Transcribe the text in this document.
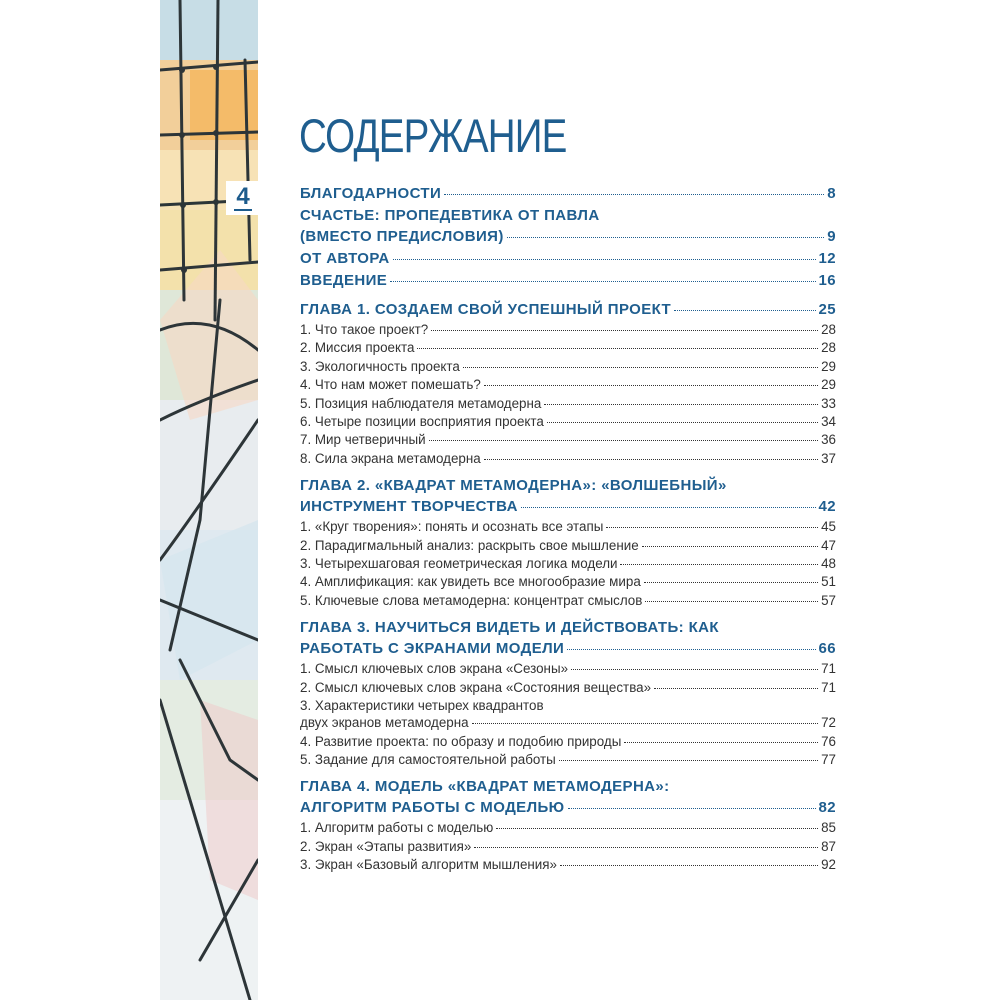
4
СОДЕРЖАНИЕ
БЛАГОДАРНОСТИ	8
СЧАСТЬЕ: ПРОПЕДЕВТИКА ОТ ПАВЛА
(ВМЕСТО ПРЕДИСЛОВИЯ)	9
ОТ АВТОРА	12
ВВЕДЕНИЕ	16
ГЛАВА 1. СОЗДАЕМ СВОЙ УСПЕШНЫЙ ПРОЕКТ	25
1. Что такое проект?	28
2. Миссия проекта	28
3. Экологичность проекта	29
4. Что нам может помешать?	29
5. Позиция наблюдателя метамодерна	33
6. Четыре позиции восприятия проекта	34
7. Мир четверичный	36
8. Сила экрана метамодерна	37
ГЛАВА 2. «КВАДРАТ МЕТАМОДЕРНА»: «ВОЛШЕБНЫЙ»
ИНСТРУМЕНТ ТВОРЧЕСТВА	42
1. «Круг творения»: понять и осознать все этапы	45
2. Парадигмальный анализ: раскрыть свое мышление	47
3. Четырехшаговая геометрическая логика модели	48
4. Амплификация: как увидеть все многообразие мира	51
5. Ключевые слова метамодерна: концентрат смыслов	57
ГЛАВА 3. НАУЧИТЬСЯ ВИДЕТЬ И ДЕЙСТВОВАТЬ: КАК
РАБОТАТЬ С ЭКРАНАМИ МОДЕЛИ	66
1. Смысл ключевых слов экрана «Сезоны»	71
2. Смысл ключевых слов экрана «Состояния вещества»	71
3. Характеристики четырех квадрантов
двух экранов метамодерна	72
4. Развитие проекта: по образу и подобию природы	76
5. Задание для самостоятельной работы	77
ГЛАВА 4. МОДЕЛЬ «КВАДРАТ МЕТАМОДЕРНА»:
АЛГОРИТМ РАБОТЫ С МОДЕЛЬЮ	82
1. Алгоритм работы с моделью	85
2. Экран «Этапы развития»	87
3. Экран «Базовый алгоритм мышления»	92
